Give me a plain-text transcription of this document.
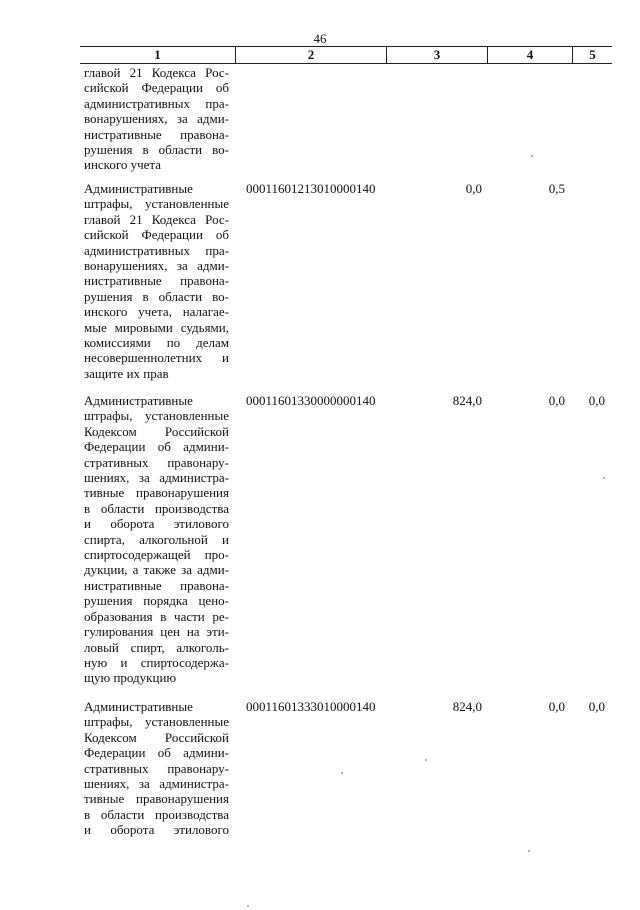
46
1	2	3	4	5
главой 21 Кодекса Рос-
сийской Федерации об
административных пра-
вонарушениях, за адми-
нистративные правона-
рушения в области во-
инского учета
Административные
штрафы, установленные
главой 21 Кодекса Рос-
сийской Федерации об
административных пра-
вонарушениях, за адми-
нистративные правона-
рушения в области во-
инского учета, налагае-
мые мировыми судьями,
комиссиями по делам
несовершеннолетних и
защите их прав
00011601213010000140	0,0	0,5
Административные
штрафы, установленные
Кодексом Российской
Федерации об админи-
стративных правонару-
шениях, за администра-
тивные правонарушения
в области производства
и оборота этилового
спирта, алкогольной и
спиртосодержащей про-
дукции, а также за адми-
нистративные правона-
рушения порядка цено-
образования в части ре-
гулирования цен на эти-
ловый спирт, алкоголь-
ную и спиртосодержа-
щую продукцию
00011601330000000140	824,0	0,0 0,0
Административные
штрафы, установленные
Кодексом Российской
Федерации об админи-
стративных правонару-
шениях, за администра-
тивные правонарушения
в области производства
и оборота этилового
00011601333010000140	824,0	0,0 0,0
